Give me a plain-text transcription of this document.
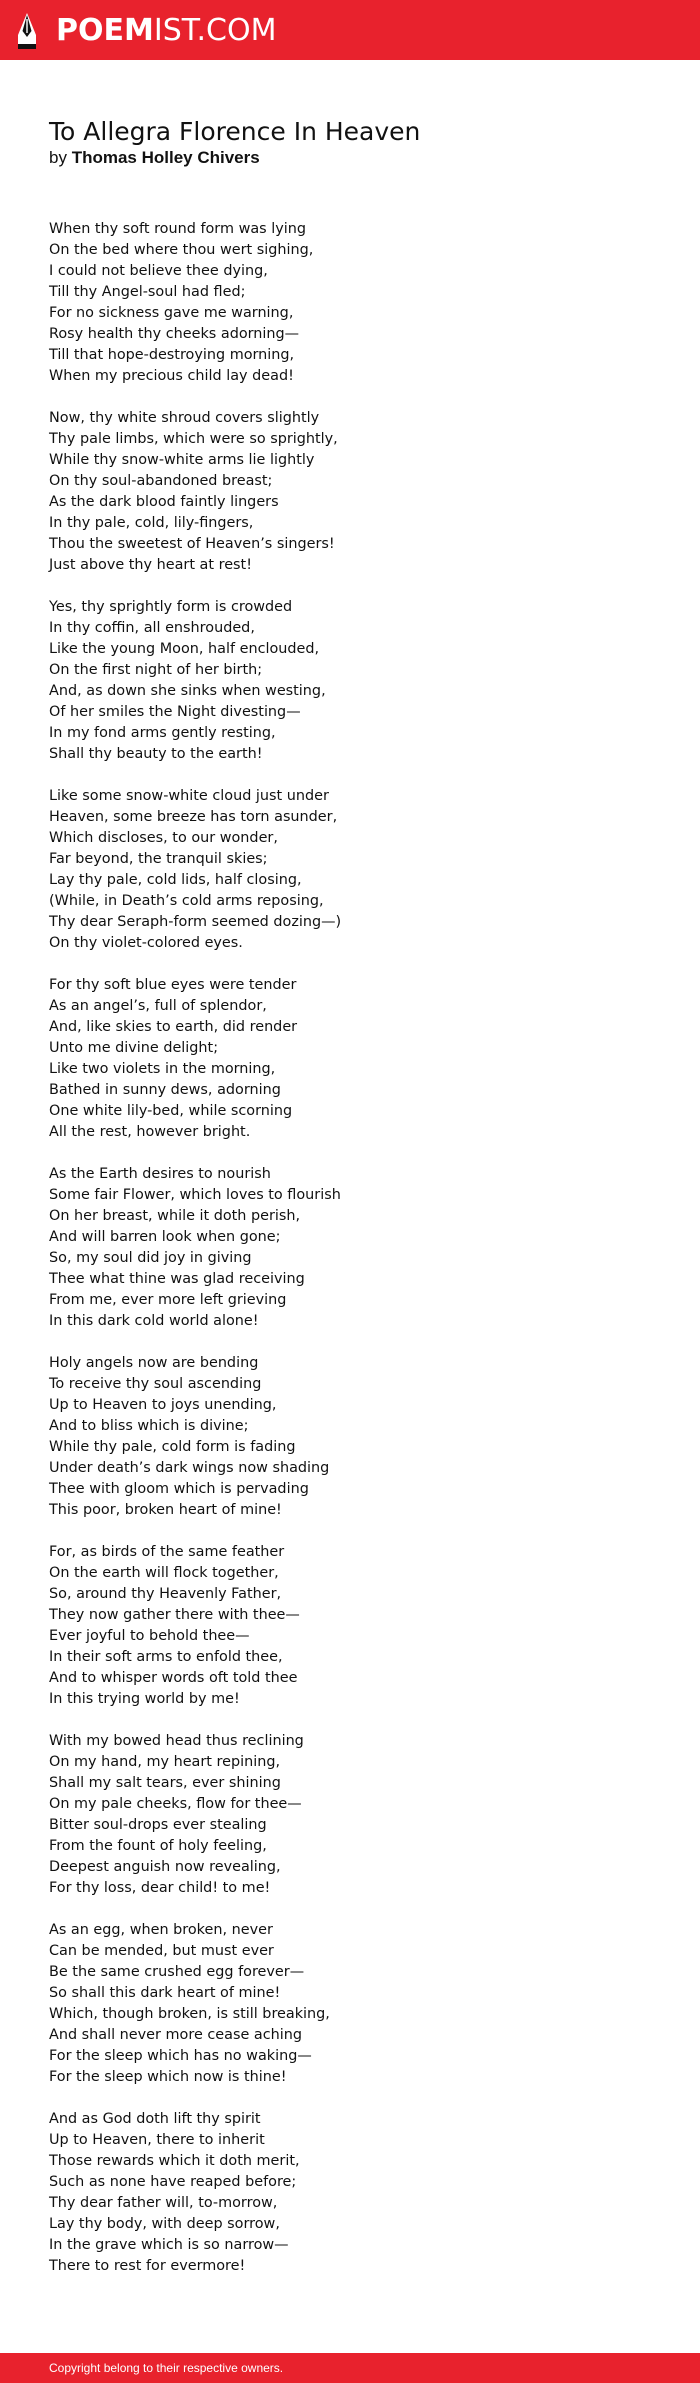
POEMIST.COM
To Allegra Florence In Heaven
by Thomas Holley Chivers
When thy soft round form was lying
On the bed where thou wert sighing,
I could not believe thee dying,
Till thy Angel-soul had fled;
For no sickness gave me warning,
Rosy health thy cheeks adorning—
Till that hope-destroying morning,
When my precious child lay dead!
Now, thy white shroud covers slightly
Thy pale limbs, which were so sprightly,
While thy snow-white arms lie lightly
On thy soul-abandoned breast;
As the dark blood faintly lingers
In thy pale, cold, lily-fingers,
Thou the sweetest of Heaven’s singers!
Just above thy heart at rest!
Yes, thy sprightly form is crowded
In thy coffin, all enshrouded,
Like the young Moon, half enclouded,
On the first night of her birth;
And, as down she sinks when westing,
Of her smiles the Night divesting—
In my fond arms gently resting,
Shall thy beauty to the earth!
Like some snow-white cloud just under
Heaven, some breeze has torn asunder,
Which discloses, to our wonder,
Far beyond, the tranquil skies;
Lay thy pale, cold lids, half closing,
(While, in Death’s cold arms reposing,
Thy dear Seraph-form seemed dozing—)
On thy violet-colored eyes.
For thy soft blue eyes were tender
As an angel’s, full of splendor,
And, like skies to earth, did render
Unto me divine delight;
Like two violets in the morning,
Bathed in sunny dews, adorning
One white lily-bed, while scorning
All the rest, however bright.
As the Earth desires to nourish
Some fair Flower, which loves to flourish
On her breast, while it doth perish,
And will barren look when gone;
So, my soul did joy in giving
Thee what thine was glad receiving
From me, ever more left grieving
In this dark cold world alone!
Holy angels now are bending
To receive thy soul ascending
Up to Heaven to joys unending,
And to bliss which is divine;
While thy pale, cold form is fading
Under death’s dark wings now shading
Thee with gloom which is pervading
This poor, broken heart of mine!
For, as birds of the same feather
On the earth will flock together,
So, around thy Heavenly Father,
They now gather there with thee—
Ever joyful to behold thee—
In their soft arms to enfold thee,
And to whisper words oft told thee
In this trying world by me!
With my bowed head thus reclining
On my hand, my heart repining,
Shall my salt tears, ever shining
On my pale cheeks, flow for thee—
Bitter soul-drops ever stealing
From the fount of holy feeling,
Deepest anguish now revealing,
For thy loss, dear child! to me!
As an egg, when broken, never
Can be mended, but must ever
Be the same crushed egg forever—
So shall this dark heart of mine!
Which, though broken, is still breaking,
And shall never more cease aching
For the sleep which has no waking—
For the sleep which now is thine!
And as God doth lift thy spirit
Up to Heaven, there to inherit
Those rewards which it doth merit,
Such as none have reaped before;
Thy dear father will, to-morrow,
Lay thy body, with deep sorrow,
In the grave which is so narrow—
There to rest for evermore!
Copyright belong to their respective owners.
